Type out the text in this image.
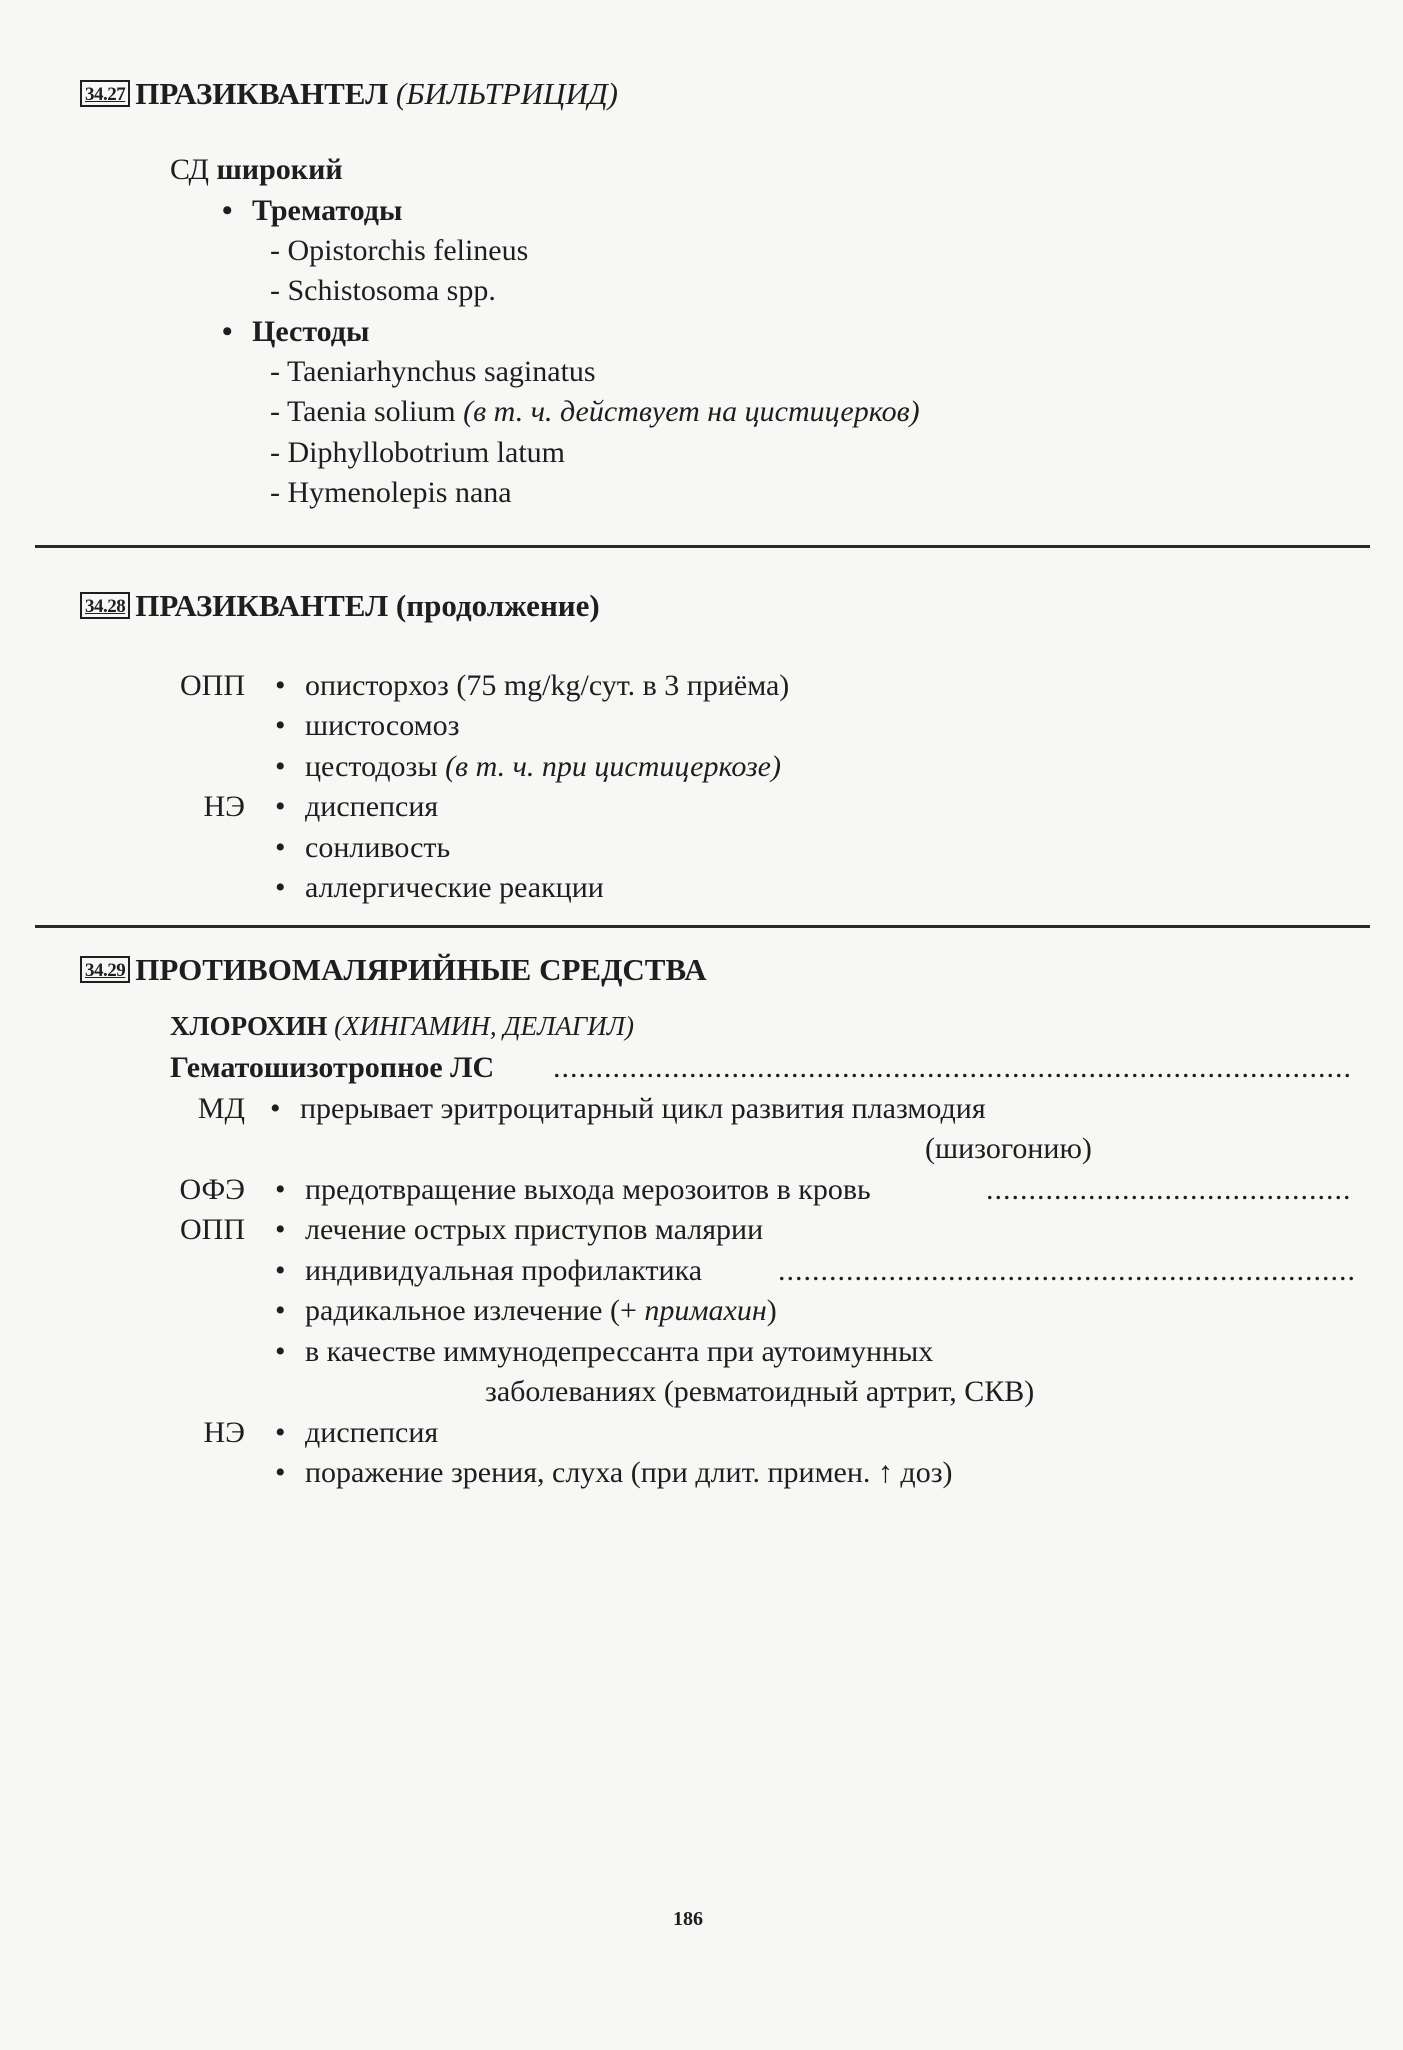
34.27 ПРАЗИКВАНТЕЛ
(БИЛЬТРИЦИД)
СД широкий
• Трематоды
- Opistorchis felineus
- Schistosoma spp.
• Цестоды
- Taeniarhynchus saginatus
- Taenia solium (в т. ч. действует на цистицерков)
- Diphyllobotrium latum
- Hymenolepis nana
34.28 ПРАЗИКВАНТЕЛ (продолжение)
ОПП • описторхоз (75 mg/kg/сут. в 3 приёма)
• шистосомоз
• цестодозы (в т. ч. при цистицеркозе)
НЭ • диспепсия
• сонливость
• аллергические реакции
34.29 ПРОТИВОМАЛЯРИЙНЫЕ СРЕДСТВА
ХЛОРОХИН (ХИНГАМИН, ДЕЛАГИЛ)
Гематошизотропное ЛС
.....
МД • прерывает эритроцитарный цикл развития плазмодия
(шизогонию)
ОФЭ • предотвращение выхода мерозоитов в кровь
.....
ОПП • лечение острых приступов малярии
• индивидуальная профилактика
.....
• радикальное излечение (+ примахин)
• в качестве иммунодепрессанта при аутоимунных
заболеваниях (ревматоидный артрит, СКВ)
НЭ • диспепсия
• поражение зрения, слуха (при длит. примен. ↑ доз)
186
